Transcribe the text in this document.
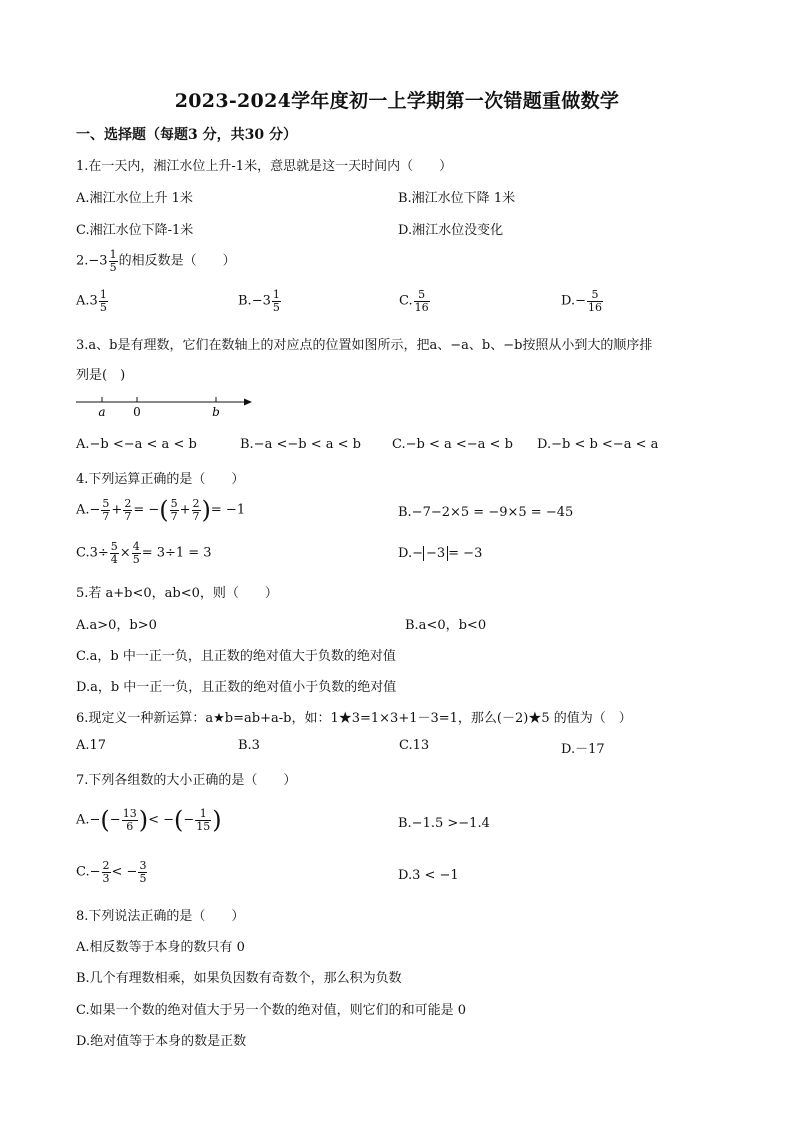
2023-2024学年度初一上学期第一次错题重做数学
一、选择题（每题3 分，共30 分）
1.在一天内，湘江水位上升-1米，意思就是这一天时间内（　　）
A.湘江水位上升 1米	B.湘江水位下降 1米
C.湘江水位下降-1米	D.湘江水位没变化
$2.-3 \frac{1}{5}$ 的相反数是（　　）
$A.3 \frac{1}{5}$	$B.-3 \frac{1}{5}$	C. $\frac{5}{16}$	$D.- \frac{5}{16}$
3.a、b是有理数，它们在数轴上的对应点的位置如图所示，把a、−a、b、−b按照从小到大的顺序排
列是(　)
a 0	b
A.−b <−a < a < b	B.−a <−b < a < b C.−b < a <−a < b D.−b < b <−a < a
4.下列运算正确的是（　　）
$A.- \frac{5}{7} + \frac{2}{7}$ = −( $\frac{5}{7} + \frac{2}{7}$ )= −1	B.−7−2×5 = −9×5 = −45
$C.3\div \frac{5}{4} \times \frac{4}{5} = 3\div 1 = 3$	D.− −3 = −3
5.若 a+b<0，ab<0，则（　　）
A.a>0，b>0	B.a<0，b<0
C.a，b 中一正一负，且正数的绝对值大于负数的绝对值
D.a，b 中一正一负，且正数的绝对值小于负数的绝对值
6.现定义一种新运算：a★b=ab+a-b，如：1★3=1×3+1－3=1，那么(－2)★5 的值为（　）
A.17	B.3	C.13	D.－17
7.下列各组数的大小正确的是（　　）
$A.-(- \frac{13}{6}$ )< −(− $\frac{1}{15}$ )	B.−1.5 >−1.4
$C.- \frac{2}{3}$ < − $\frac{3}{5}$	D.3 < −1
8.下列说法正确的是（　　）
A.相反数等于本身的数只有 0
B.几个有理数相乘，如果负因数有奇数个，那么积为负数
C.如果一个数的绝对值大于另一个数的绝对值，则它们的和可能是 0
D.绝对值等于本身的数是正数
